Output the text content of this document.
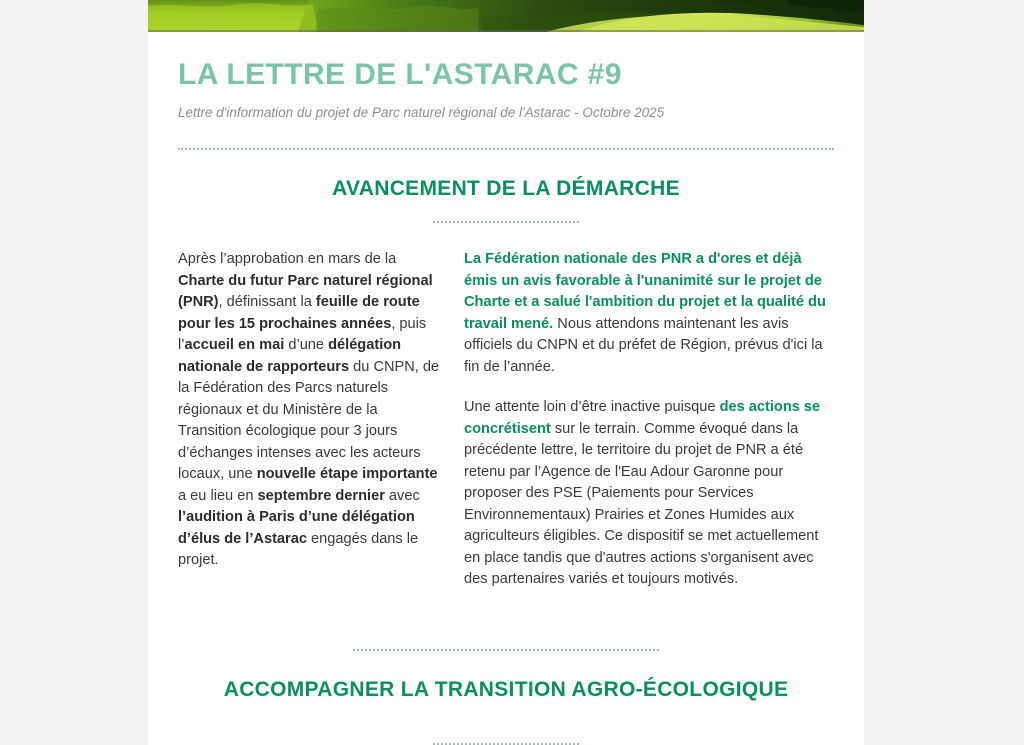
LA LETTRE DE L'ASTARAC #9

Lettre d'information du projet de Parc naturel régional de l'Astarac - Octobre 2025

AVANCEMENT DE LA DÉMARCHE

Après l’approbation en mars de la Charte du futur Parc naturel régional (PNR), définissant la feuille de route pour les 15 prochaines années, puis l’accueil en mai d’une délégation nationale de rapporteurs du CNPN, de la Fédération des Parcs naturels régionaux et du Ministère de la Transition écologique pour 3 jours d’échanges intenses avec les acteurs locaux, une nouvelle étape importante a eu lieu en septembre dernier avec l’audition à Paris d’une délégation d’élus de l’Astarac engagés dans le projet.

La Fédération nationale des PNR a d'ores et déjà émis un avis favorable à l'unanimité sur le projet de Charte et a salué l'ambition du projet et la qualité du travail mené. Nous attendons maintenant les avis officiels du CNPN et du préfet de Région, prévus d'ici la fin de l’année.

Une attente loin d’être inactive puisque des actions se concrétisent sur le terrain. Comme évoqué dans la précédente lettre, le territoire du projet de PNR a été retenu par l’Agence de l'Eau Adour Garonne pour proposer des PSE (Paiements pour Services Environnementaux) Prairies et Zones Humides aux agriculteurs éligibles. Ce dispositif se met actuellement en place tandis que d'autres actions s'organisent avec des partenaires variés et toujours motivés.

ACCOMPAGNER LA TRANSITION AGRO-ÉCOLOGIQUE
